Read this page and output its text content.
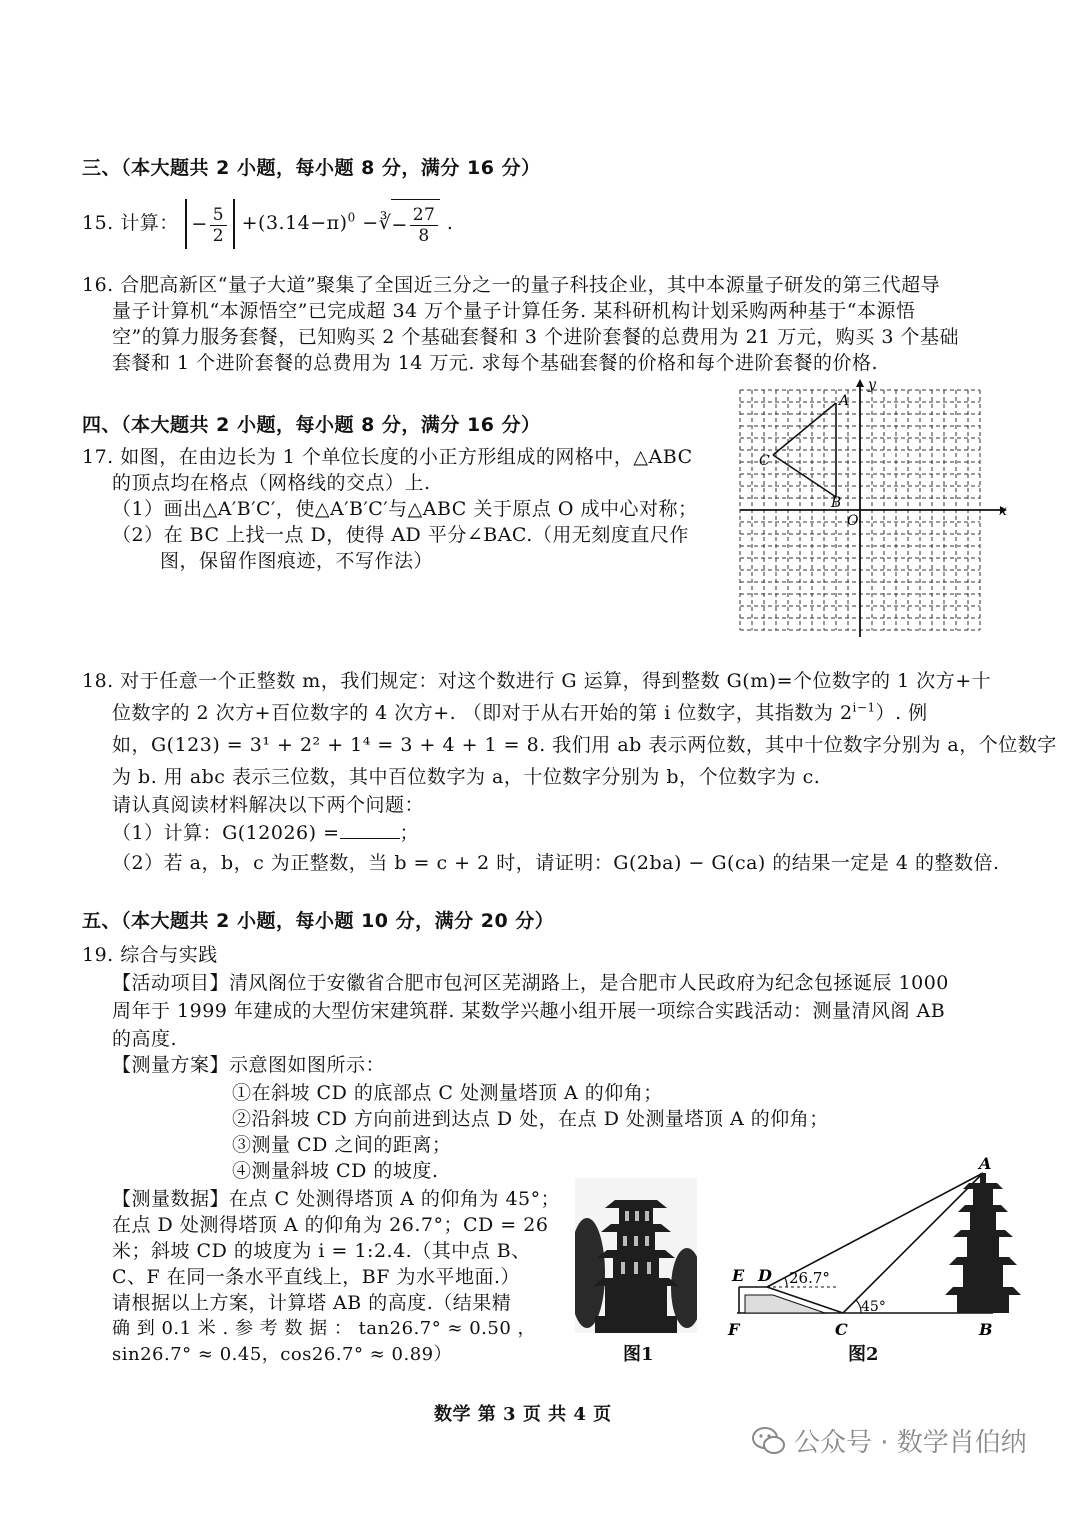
三、（本大题共 2 小题，每小题 8 分，满分 16 分）
15. 计算： − $\frac{5}{2} +(3.14-\pi)^0$ −∛− $\frac{27}{8}$ .
16. 合肥高新区“量子大道”聚集了全国近三分之一的量子科技企业，其中本源量子研发的第三代超导
量子计算机“本源悟空”已完成超 34 万个量子计算任务. 某科研机构计划采购两种基于“本源悟
空”的算力服务套餐，已知购买 2 个基础套餐和 3 个进阶套餐的总费用为 21 万元，购买 3 个基础
套餐和 1 个进阶套餐的总费用为 14 万元. 求每个基础套餐的价格和每个进阶套餐的价格.
四、（本大题共 2 小题，每小题 8 分，满分 16 分）
17. 如图，在由边长为 1 个单位长度的小正方形组成的网格中，△ABC
的顶点均在格点（网格线的交点）上.
（1）画出△A′B′C′，使△A′B′C′与△ABC 关于原点 O 成中心对称；
（2）在 BC 上找一点 D，使得 AD 平分∠BAC.（用无刻度直尺作
图，保留作图痕迹，不写作法）
A
B
C
O
x
y
18. 对于任意一个正整数 m，我们规定：对这个数进行 G 运算，得到整数 G(m)=个位数字的 1 次方+十
位数字的 2 次方+百位数字的 4 次方+. （即对于从右开始的第 i 位数字，其指数为 $2^{i-1}$）. 例
如，G(123) = 3¹ + 2² + 1⁴ = 3 + 4 + 1 = 8. 我们用 ab 表示两位数，其中十位数字分别为 a，个位数字
为 b. 用 abc 表示三位数，其中百位数字为 a，十位数字分别为 b，个位数字为 c.
请认真阅读材料解决以下两个问题：
（1）计算：G(12026) =	；
（2）若 a，b，c 为正整数，当 b = c + 2 时，请证明：G(2ba) − G(ca) 的结果一定是 4 的整数倍.
五、（本大题共 2 小题，每小题 10 分，满分 20 分）
19. 综合与实践
【活动项目】清风阁位于安徽省合肥市包河区芜湖路上，是合肥市人民政府为纪念包拯诞辰 1000
周年于 1999 年建成的大型仿宋建筑群. 某数学兴趣小组开展一项综合实践活动：测量清风阁 AB
的高度.
【测量方案】示意图如图所示：
①在斜坡 CD 的底部点 C 处测量塔顶 A 的仰角；
②沿斜坡 CD 方向前进到达点 D 处，在点 D 处测量塔顶 A 的仰角；
③测量 CD 之间的距离；
④测量斜坡 CD 的坡度.
【测量数据】在点 C 处测得塔顶 A 的仰角为 45°；
在点 D 处测得塔顶 A 的仰角为 26.7°；CD = 26
米；斜坡 CD 的坡度为 i = 1:2.4.（其中点 B、
C、F 在同一条水平直线上，BF 为水平地面.）
请根据以上方案，计算塔 AB 的高度.（结果精
确 到 0.1 米 . 参 考 数 据 ： tan26.7° ≈ 0.50 ，
sin26.7° ≈ 0.45，cos26.7° ≈ 0.89）	图1
26.7°
45°
A
B
C
D
E
F
图2
数学 第 3 页 共 4 页
公众号 · 数学肖伯纳
